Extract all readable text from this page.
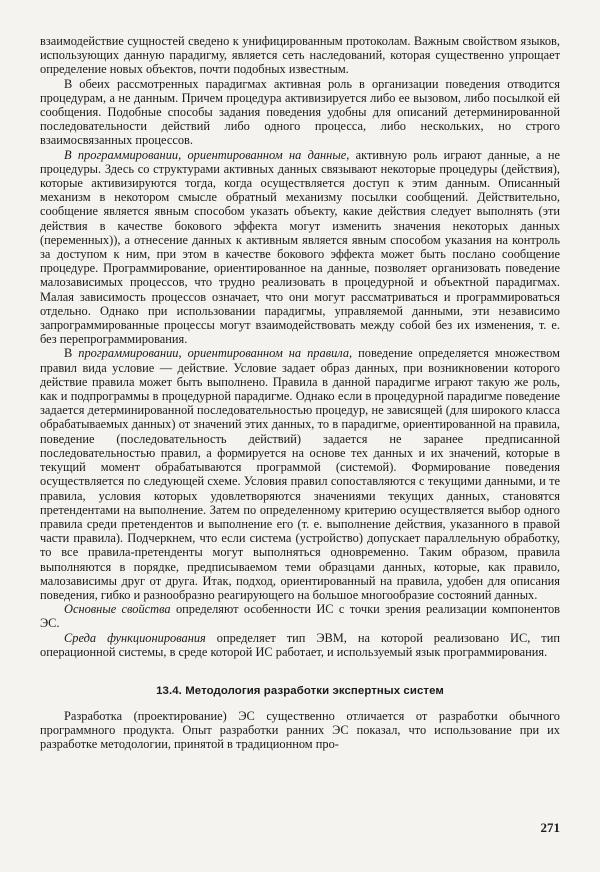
взаимодействие сущностей сведено к унифицированным протоколам. Важным свойством языков, использующих данную парадигму, является сеть наследований, которая существенно упрощает определение новых объектов, почти подобных известным.

В обеих рассмотренных парадигмах активная роль в организации поведения отводится процедурам, а не данным. Причем процедура активизируется либо ее вызовом, либо посылкой ей сообщения. Подобные способы задания поведения удобны для описаний детерминированной последовательности действий либо одного процесса, либо нескольких, но строго взаимосвязанных процессов.

В программировании, ориентированном на данные, активную роль играют данные, а не процедуры. Здесь со структурами активных данных связывают некоторые процедуры (действия), которые активизируются тогда, когда осуществляется доступ к этим данным. Описанный механизм в некотором смысле обратный механизму посылки сообщений. Действительно, сообщение является явным способом указать объекту, какие действия следует выполнять (эти действия в качестве бокового эффекта могут изменить значения некоторых данных (переменных)), а отнесение данных к активным является явным способом указания на контроль за доступом к ним, при этом в качестве бокового эффекта может быть послано сообщение процедуре. Программирование, ориентированное на данные, позволяет организовать поведение малозависимых процессов, что трудно реализовать в процедурной и объектной парадигмах. Малая зависимость процессов означает, что они могут рассматриваться и программироваться отдельно. Однако при использовании парадигмы, управляемой данными, эти независимо запрограммированные процессы могут взаимодействовать между собой без их изменения, т. е. без перепрограммирования.

В программировании, ориентированном на правила, поведение определяется множеством правил вида условие — действие. Условие задает образ данных, при возникновении которого действие правила может быть выполнено. Правила в данной парадигме играют такую же роль, как и подпрограммы в процедурной парадигме. Однако если в процедурной парадигме поведение задается детерминированной последовательностью процедур, не зависящей (для широкого класса обрабатываемых данных) от значений этих данных, то в парадигме, ориентированной на правила, поведение (последовательность действий) задается не заранее предписанной последовательностью правил, а формируется на основе тех данных и их значений, которые в текущий момент обрабатываются программой (системой). Формирование поведения осуществляется по следующей схеме. Условия правил сопоставляются с текущими данными, и те правила, условия которых удовлетворяются значениями текущих данных, становятся претендентами на выполнение. Затем по определенному критерию осуществляется выбор одного правила среди претендентов и выполнение его (т. е. выполнение действия, указанного в правой части правила). Подчеркнем, что если система (устройство) допускает параллельную обработку, то все правила-претенденты могут выполняться одновременно. Таким образом, правила выполняются в порядке, предписываемом теми образцами данных, которые, как правило, малозависимы друг от друга. Итак, подход, ориентированный на правила, удобен для описания поведения, гибко и разнообразно реагирующего на большое многообразие состояний данных.

Основные свойства определяют особенности ИС с точки зрения реализации компонентов ЭС.

Среда функционирования определяет тип ЭВМ, на которой реализовано ИС, тип операционной системы, в среде которой ИС работает, и используемый язык программирования.

13.4. Методология разработки экспертных систем

Разработка (проектирование) ЭС существенно отличается от разработки обычного программного продукта. Опыт разработки ранних ЭС показал, что использование при их разработке методологии, принятой в традиционном про-

271
